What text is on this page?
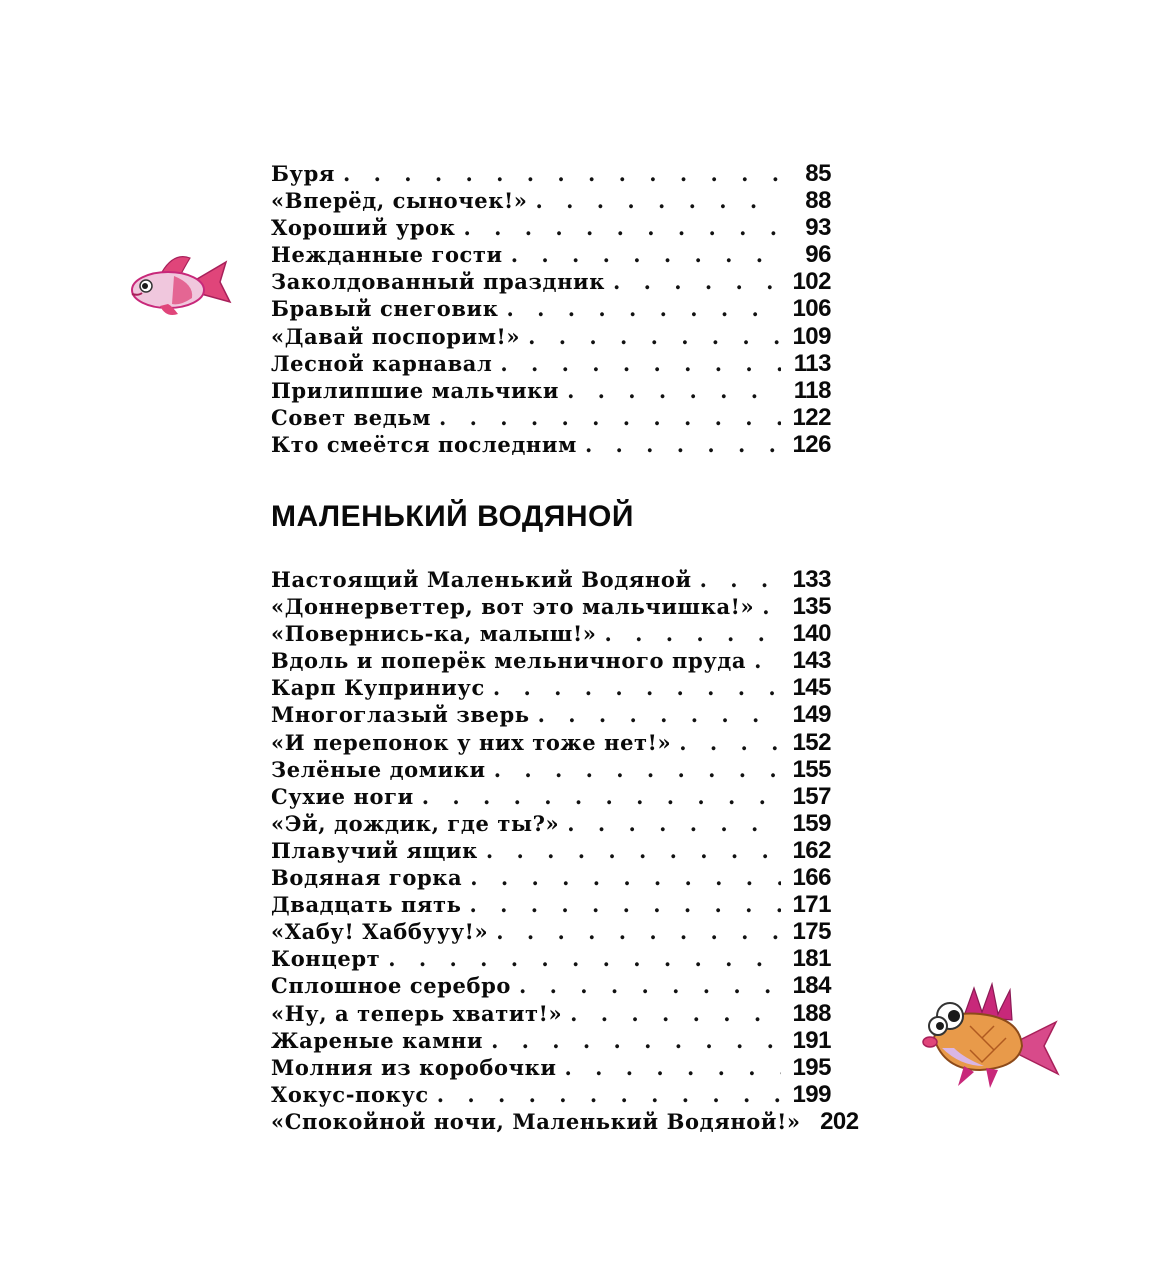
Буря . . .	85
«Вперёд, сыночек!» . . .	88
Хороший урок . . .	93
Нежданные гости . . .	96
Заколдованный праздник . . .	102
Бравый снеговик . . .	106
«Давай поспорим!» . . .	109
Лесной карнавал . . .	113
Прилипшие мальчики . . .	118
Совет ведьм . . .	122
Кто смеётся последним . . .	126
МАЛЕНЬКИЙ ВОДЯНОЙ
Настоящий Маленький Водяной . . .	133
«Доннерветтер, вот это мальчишка!» . . . 135
«Повернись-ка, малыш!» . . .	140
Вдоль и поперёк мельничного пруда . . . 143
Карп Куприниус . . .	145
Многоглазый зверь . . .	149
«И перепонок у них тоже нет!» . . .	152
Зелёные домики . . .	155
Сухие ноги . . .	157
«Эй, дождик, где ты?» . . .	159
Плавучий ящик . . .	162
Водяная горка . . .	166
Двадцать пять . . .	171
«Хабу! Хаббууу!» . . .	175
Концерт . . .	181
Сплошное серебро . . .	184
«Ну, а теперь хватит!» . . .	188
Жареные камни . . .	191
Молния из коробочки . . .	195
Хокус-покус . . .	199
«Спокойной ночи, Маленький Водяной!» 202
